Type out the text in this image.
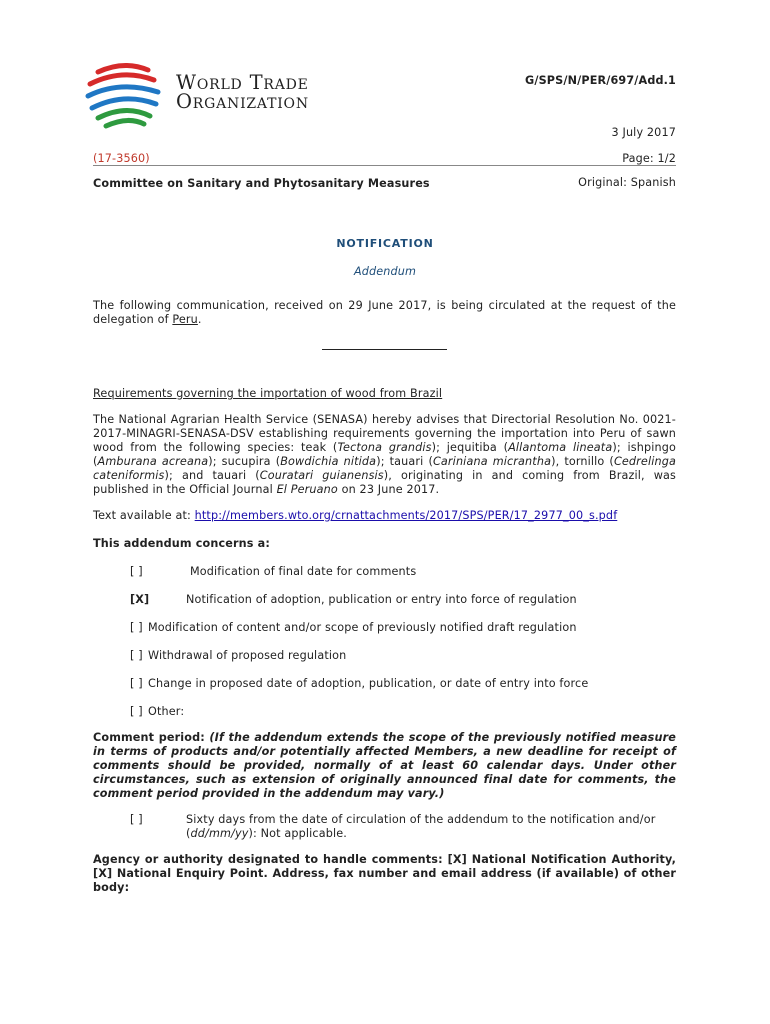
World Trade
Organization
G/SPS/N/PER/697/Add.1
3 July 2017
(17-3560)	Page: 1/2
Committee on Sanitary and Phytosanitary Measures	Original: Spanish
NOTIFICATION
Addendum
The following communication, received on 29 June 2017, is being circulated at the request of the delegation of Peru.
Requirements governing the importation of wood from Brazil
The National Agrarian Health Service (SENASA) hereby advises that Directorial Resolution No. 0021-2017-MINAGRI-SENASA-DSV establishing requirements governing the importation into Peru of sawn wood from the following species: teak (Tectona grandis); jequitiba (Allantoma lineata); ishpingo (Amburana acreana); sucupira (Bowdichia nitida); tauari (Cariniana micrantha), tornillo (Cedrelinga cateniformis); and tauari (Couratari guianensis), originating in and coming from Brazil, was published in the Official Journal El Peruano on 23 June 2017.
Text available at: http://members.wto.org/crnattachments/2017/SPS/PER/17_2977_00_s.pdf
This addendum concerns a:
[ ]	Modification of final date for comments
[X]	Notification of adoption, publication or entry into force of regulation
[ ] Modification of content and/or scope of previously notified draft regulation
[ ] Withdrawal of proposed regulation
[ ] Change in proposed date of adoption, publication, or date of entry into force
[ ] Other:
Comment period: (If the addendum extends the scope of the previously notified measure in terms of products and/or potentially affected Members, a new deadline for receipt of comments should be provided, normally of at least 60 calendar days. Under other circumstances, such as extension of originally announced final date for comments, the comment period provided in the addendum may vary.)
[ ]	Sixty days from the date of circulation of the addendum to the notification and/or (dd/mm/yy): Not applicable.
Agency or authority designated to handle comments: [X] National Notification Authority, [X] National Enquiry Point. Address, fax number and email address (if available) of other body:
